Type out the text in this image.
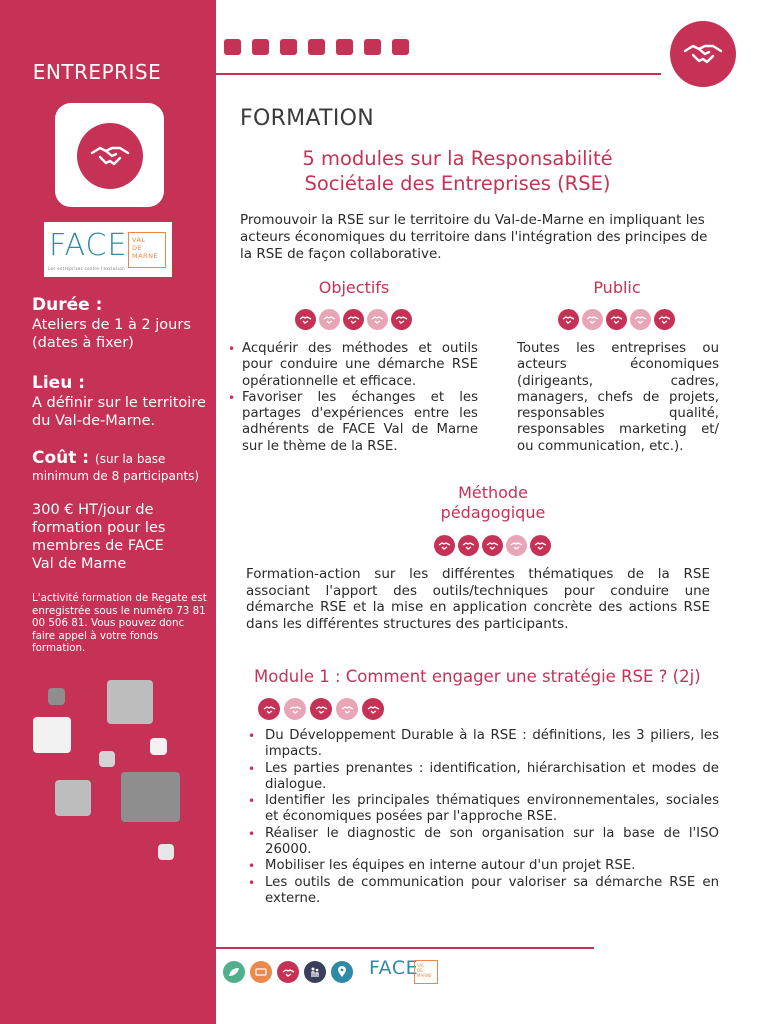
ENTREPRISE
FACE VAL
DE
MARNE
Les entreprises contre l'exclusion
Durée :
Ateliers de 1 à 2 jours
(dates à fixer)
Lieu :
A définir sur le territoire
du Val-de-Marne.
Coût : (sur la base
minimum de 8 participants)
300 € HT/jour de
formation pour les
membres de FACE
Val de Marne
L'activité formation de Regate est enregistrée sous le numéro 73 81 00 506 81. Vous pouvez donc faire appel à votre fonds formation.
FORMATION
5 modules sur la Responsabilité
Sociétale des Entreprises (RSE)
Promouvoir la RSE sur le territoire du Val-de-Marne en impliquant les acteurs économiques du territoire dans l'intégration des principes de la RSE de façon collaborative.
Objectifs
• Acquérir des méthodes et outils pour conduire une démarche RSE opérationnelle et efficace.
• Favoriser les échanges et les partages d'expériences entre les adhérents de FACE Val de Marne sur le thème de la RSE.
Public
Toutes les entreprises ou acteurs économiques (dirigeants, cadres, managers, chefs de projets, responsables qualité, responsables marketing et/ ou communication, etc.).
Méthode
pédagogique
Formation-action sur les différentes thématiques de la RSE associant l'apport des outils/techniques pour conduire une démarche RSE et la mise en application concrète des actions RSE dans les différentes structures des participants.
Module 1 : Comment engager une stratégie RSE ? (2j)
• Du Développement Durable à la RSE : définitions, les 3 piliers, les impacts.
• Les parties prenantes : identification, hiérarchisation et modes de dialogue.
• Identifier les principales thématiques environnementales, sociales et économiques posées par l'approche RSE.
• Réaliser le diagnostic de son organisation sur la base de l'ISO 26000.
• Mobiliser les équipes en interne autour d'un projet RSE.
• Les outils de communication pour valoriser sa démarche RSE en externe.
FACE
VAL
DE
MARNE
